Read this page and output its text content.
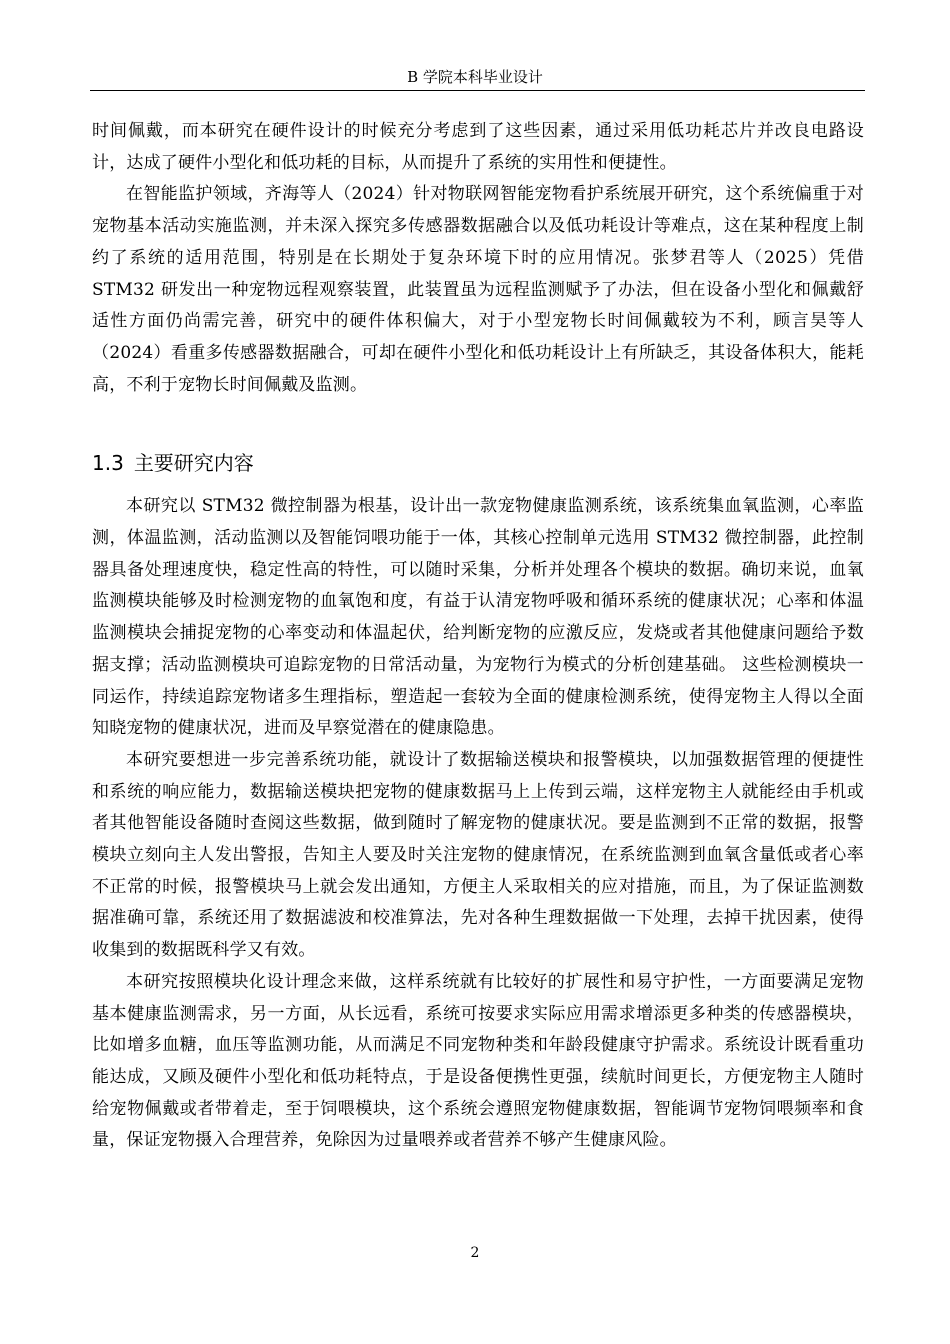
B 学院本科毕业设计

时间佩戴，而本研究在硬件设计的时候充分考虑到了这些因素，通过采用低功耗芯片并改良电路设计，达成了硬件小型化和低功耗的目标，从而提升了系统的实用性和便捷性。

在智能监护领域，齐海等人（2024）针对物联网智能宠物看护系统展开研究，这个系统偏重于对宠物基本活动实施监测，并未深入探究多传感器数据融合以及低功耗设计等难点，这在某种程度上制约了系统的适用范围，特别是在长期处于复杂环境下时的应用情况。张梦君等人（2025）凭借 STM32 研发出一种宠物远程观察装置，此装置虽为远程监测赋予了办法，但在设备小型化和佩戴舒适性方面仍尚需完善，研究中的硬件体积偏大，对于小型宠物长时间佩戴较为不利，顾言昊等人（2024）看重多传感器数据融合，可却在硬件小型化和低功耗设计上有所缺乏，其设备体积大，能耗高，不利于宠物长时间佩戴及监测。

1.3 主要研究内容

本研究以 STM32 微控制器为根基，设计出一款宠物健康监测系统，该系统集血氧监测，心率监测，体温监测，活动监测以及智能饲喂功能于一体，其核心控制单元选用 STM32 微控制器，此控制器具备处理速度快，稳定性高的特性，可以随时采集，分析并处理各个模块的数据。确切来说，血氧监测模块能够及时检测宠物的血氧饱和度，有益于认清宠物呼吸和循环系统的健康状况；心率和体温监测模块会捕捉宠物的心率变动和体温起伏，给判断宠物的应激反应，发烧或者其他健康问题给予数据支撑；活动监测模块可追踪宠物的日常活动量，为宠物行为模式的分析创建基础。 这些检测模块一同运作，持续追踪宠物诸多生理指标，塑造起一套较为全面的健康检测系统，使得宠物主人得以全面知晓宠物的健康状况，进而及早察觉潜在的健康隐患。

本研究要想进一步完善系统功能，就设计了数据输送模块和报警模块，以加强数据管理的便捷性和系统的响应能力，数据输送模块把宠物的健康数据马上上传到云端，这样宠物主人就能经由手机或者其他智能设备随时查阅这些数据，做到随时了解宠物的健康状况。要是监测到不正常的数据，报警模块立刻向主人发出警报，告知主人要及时关注宠物的健康情况，在系统监测到血氧含量低或者心率不正常的时候，报警模块马上就会发出通知，方便主人采取相关的应对措施，而且，为了保证监测数据准确可靠，系统还用了数据滤波和校准算法，先对各种生理数据做一下处理，去掉干扰因素，使得收集到的数据既科学又有效。

本研究按照模块化设计理念来做，这样系统就有比较好的扩展性和易守护性，一方面要满足宠物基本健康监测需求，另一方面，从长远看，系统可按要求实际应用需求增添更多种类的传感器模块，比如增多血糖，血压等监测功能，从而满足不同宠物种类和年龄段健康守护需求。系统设计既看重功能达成，又顾及硬件小型化和低功耗特点，于是设备便携性更强，续航时间更长，方便宠物主人随时给宠物佩戴或者带着走，至于饲喂模块，这个系统会遵照宠物健康数据，智能调节宠物饲喂频率和食量，保证宠物摄入合理营养，免除因为过量喂养或者营养不够产生健康风险。

2
